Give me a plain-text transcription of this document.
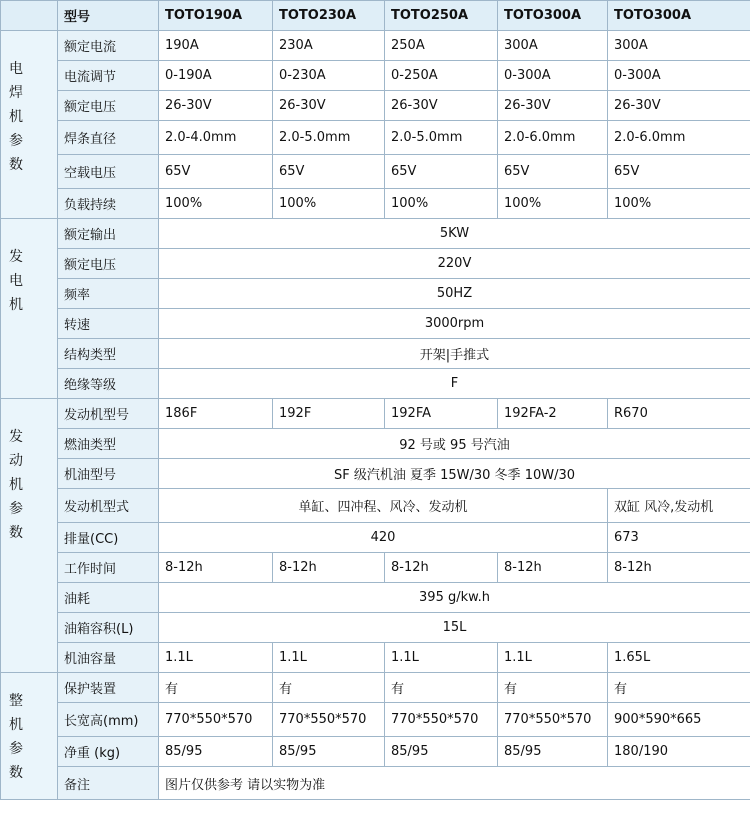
	型号	TOTO190A	TOTO230A	TOTO250A	TOTO300A	TOTO300A

电焊机参数	额定电流	190A	230A	250A	300A	300A
	电流调节	0-190A	0-230A	0-250A	0-300A	0-300A
	额定电压	26-30V	26-30V	26-30V	26-30V	26-30V
	焊条直径	2.0-4.0mm	2.0-5.0mm	2.0-5.0mm	2.0-6.0mm	2.0-6.0mm
	空载电压	65V	65V	65V	65V	65V
	负载持续	100%	100%	100%	100%	100%

发电机	额定输出	5KW				
	额定电压	220V				
	频率	50HZ				
	转速	3000rpm				
	结构类型	开架|手推式				
	绝缘等级	F				

发动机参数	发动机型号	186F	192F	192FA	192FA-2	R670
	燃油类型	92 号或 95 号汽油				
	机油型号	SF 级汽机油 夏季 15W/30 冬季 10W/30				
	发动机型式	单缸、四冲程、风冷、发动机				双缸 风冷,发动机
	排量(CC)	420				673
	工作时间	8-12h	8-12h	8-12h	8-12h	8-12h
	油耗	395 g/kw.h				
	油箱容积(L)	15L				
	机油容量	1.1L	1.1L	1.1L	1.1L	1.65L

整机参数	保护装置	有	有	有	有	有
	长宽高(mm)	770*550*570	770*550*570	770*550*570	770*550*570	900*590*665
	净重 (kg)	85/95	85/95	85/95	85/95	180/190
	备注	图片仅供参考 请以实物为准				
